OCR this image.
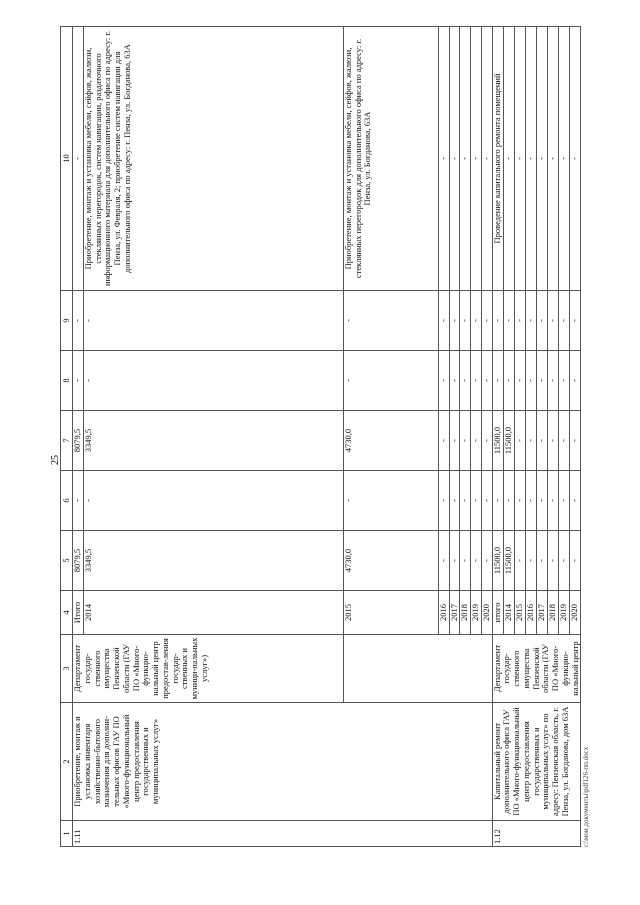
25
1	2	3	4	5	6	7	8	9	10
1.11	Приобретение, монтаж и установка инвентаря хозяйственно-бытового назначения для дополни-тельных офисов ГАУ ПО «Много-функциональный центр предоставления государственных и муниципальных услуг»	Департамент государ-ственного имущества Пензенской области (ГАУ ПО «Много-функцио-нальный центр предостав-ления государ-ственных и муници-пальных услуг»)	Итого	8079,5	-	8079,5	-	-	-
			2014	3349,5	-	3349,5	-	-	Приобретение, монтаж и установка мебели, сейфов, жалюзи, стеклянных перегородок, систем навигации, раздаточного информационного материала для дополнительного офиса по адресу: г. Пенза, ул. Февраля, 2; приобретение систем навигации для дополнительного офиса по адресу: г. Пенза, ул. Богданова, 63А
			2015	4730,0	-	4730,0	-	-	Приобретение, монтаж и установка мебели, сейфов, жалюзи, стеклянных перегородок для дополнительного офиса по адресу: г. Пенза, ул. Богданова, 63А
			2016	-	-	-	-	-	-
			2017	-	-	-	-	-	-
			2018	-	-	-	-	-	-
			2019	-	-	-	-	-	-
			2020	-	-	-	-	-	-
1.12	Капитальный ремонт дополнительного офиса ГАУ ПО «Много-функциональный центр предоставления государственных и муниципальных услуг» по адресу: Пензенская область, г. Пенза, ул. Богданова, дом 63А	Департамент государ-ственного имущества Пензенской области (ГАУ ПО «Много-функцио-нальный центр	итого	11500,0	-	11500,0	-	-	Проведение капитального ремонта помещений
			2014	11500,0	-	11500,0	-	-	-
			2015	-	-	-	-	-	-
			2016	-	-	-	-	-	-
			2017	-	-	-	-	-	-
			2018	-	-	-	-	-	-
			2019	-	-	-	-	-	-
			2020	-	-	-	-	-	-
c:\мои документы\pdf126-пп.docx
